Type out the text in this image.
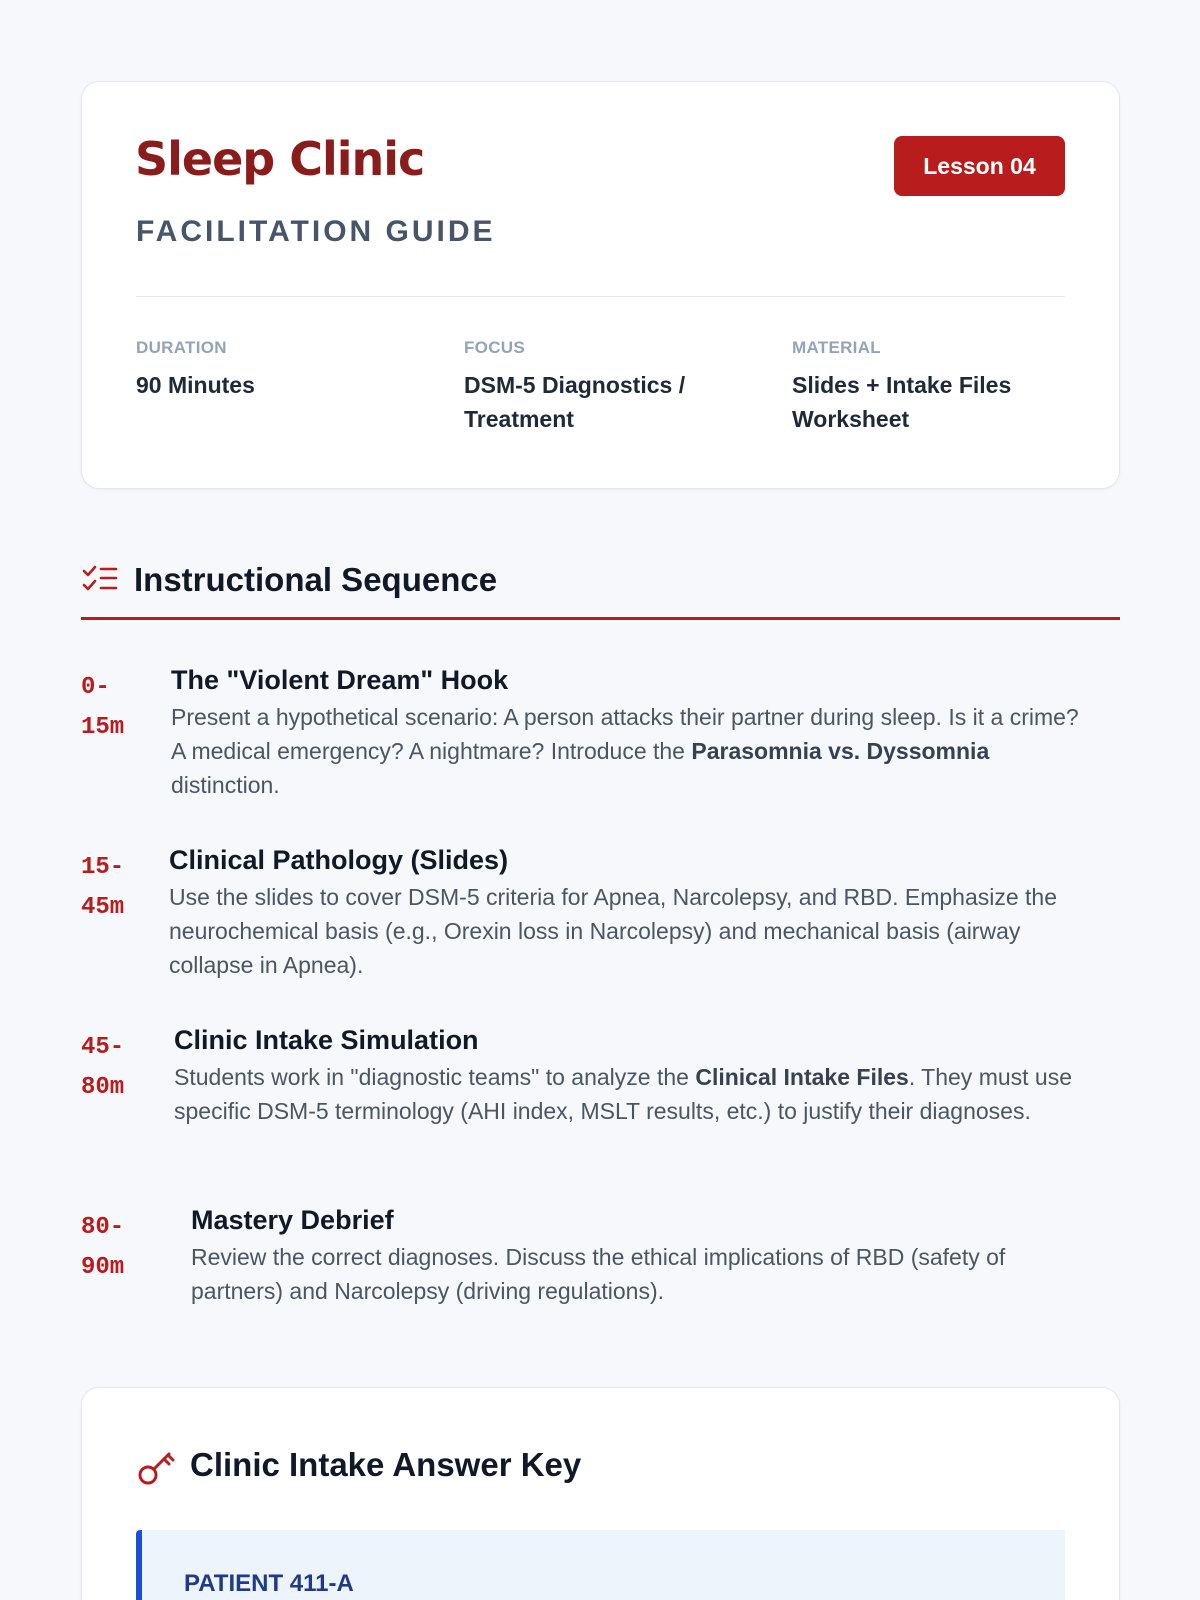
Sleep Clinic
FACILITATION GUIDE
Lesson 04
DURATION
90 Minutes
FOCUS
DSM-5 Diagnostics / Treatment
MATERIAL
Slides + Intake Files Worksheet
Instructional Sequence
0-
15m
The "Violent Dream" Hook

Present a hypothetical scenario: A person attacks their partner during sleep. Is it a crime? A medical emergency? A nightmare? Introduce the Parasomnia vs. Dyssomnia distinction.

15-
45m
Clinical Pathology (Slides)

Use the slides to cover DSM-5 criteria for Apnea, Narcolepsy, and RBD. Emphasize the neurochemical basis (e.g., Orexin loss in Narcolepsy) and mechanical basis (airway collapse in Apnea).

45-
80m
Clinic Intake Simulation

Students work in "diagnostic teams" to analyze the Clinical Intake Files. They must use specific DSM-5 terminology (AHI index, MSLT results, etc.) to justify their diagnoses.

80-
90m
Mastery Debrief

Review the correct diagnoses. Discuss the ethical implications of RBD (safety of partners) and Narcolepsy (driving regulations).

Clinic Intake Answer Key
PATIENT 411-A
